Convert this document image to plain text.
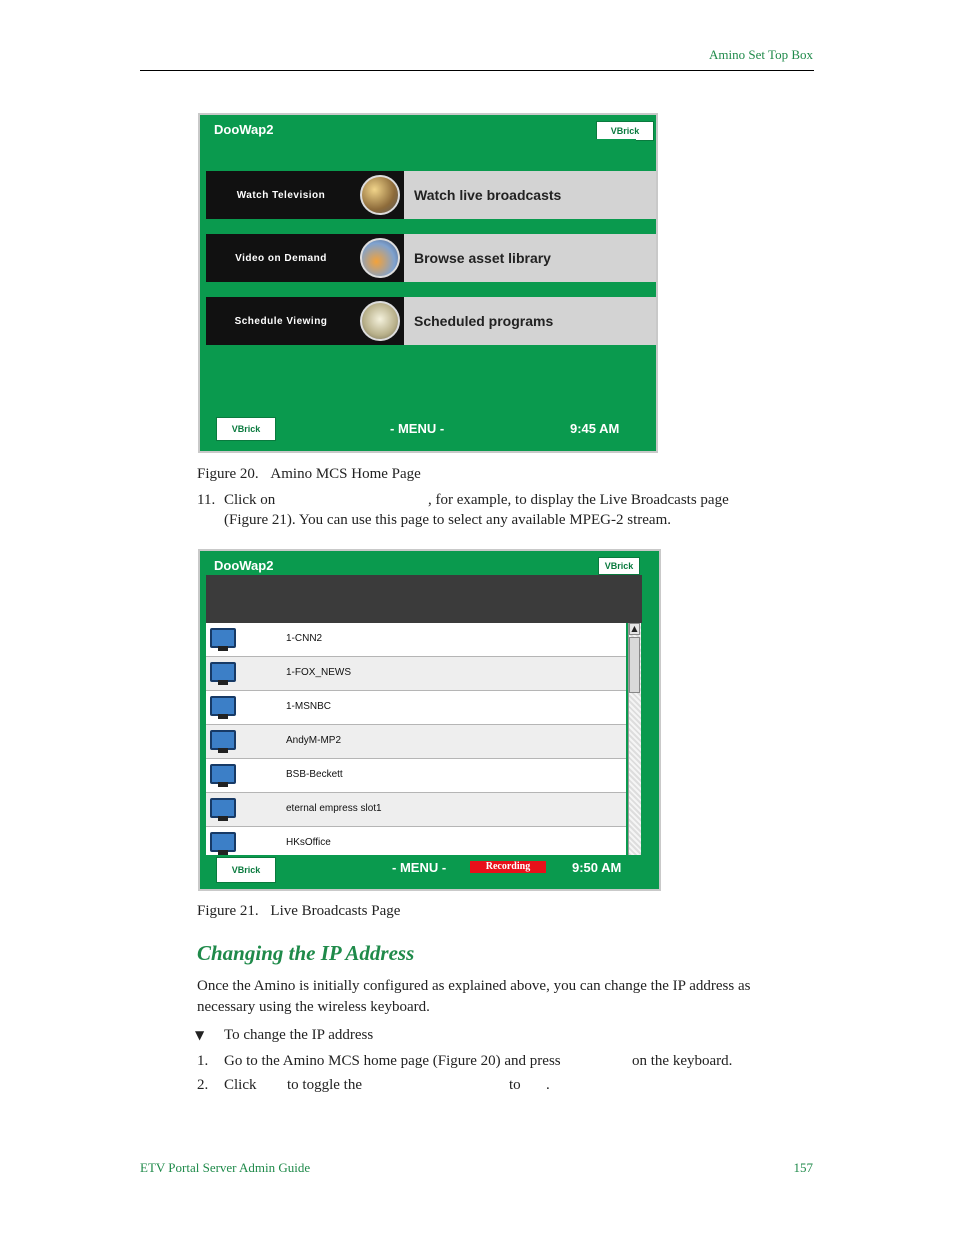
Amino Set Top Box
DooWap2	VBrick
Watch Television	Watch live broadcasts
Video on Demand	Browse asset library
Schedule Viewing	Scheduled programs
VBrick	- MENU -	9:45 AM
Figure 20. Amino MCS Home Page
11. Click on	, for example, to display the Live Broadcasts page
(Figure 21). You can use this page to select any available MPEG-2 stream.
DooWap2	VBrick
1-CNN2
1-FOX_NEWS
1-MSNBC
AndyM-MP2
BSB-Beckett
eternal empress slot1
HKsOffice
▲
VBrick	- MENU -	Recording	9:50 AM
Figure 21. Live Broadcasts Page
Changing the IP Address
Once the Amino is initially configured as explained above, you can change the IP address as
necessary using the wireless keyboard.
▼ To change the IP address
1. Go to the Amino MCS home page (Figure 20) and press	on the keyboard.
2. Click to toggle the	to .
ETV Portal Server Admin Guide	157
